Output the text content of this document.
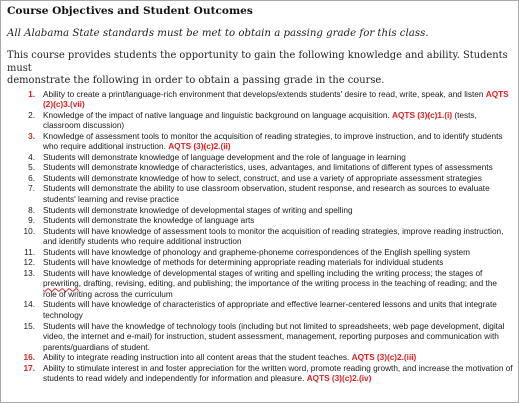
Course Objectives and Student Outcomes
All Alabama State standards must be met to obtain a passing grade for this class.
This course provides students the opportunity to gain the following knowledge and ability. Students must
demonstrate the following in order to obtain a passing grade in the course.
1. Ability to create a print/language-rich environment that develops/extends students' desire to read, write, speak, and listen AQTS (2)(c)3.(vii)
2. Knowledge of the impact of native language and linguistic background on language acquisition. AQTS (3)(c)1.(i) (tests, classroom discussion)
3. Knowledge of assessment tools to monitor the acquisition of reading strategies, to improve instruction, and to identify students who require additional instruction. AQTS (3)(c)2.(ii)
4. Students will demonstrate knowledge of language development and the role of language in learning
5. Students will demonstrate knowledge of characteristics, uses, advantages, and limitations of different types of assessments
6. Students will demonstrate knowledge of how to select, construct, and use a variety of appropriate assessment strategies
7. Students will demonstrate the ability to use classroom observation, student response, and research as sources to evaluate students' learning and revise practice
8. Students will demonstrate knowledge of developmental stages of writing and spelling
9. Students will demonstrate the knowledge of language arts
10. Students will have knowledge of assessment tools to monitor the acquisition of reading strategies, improve reading instruction, and identify students who require additional instruction
11. Students will have knowledge of phonology and grapheme-phoneme correspondences of the English spelling system
12. Students will have knowledge of methods for determining appropriate reading materials for individual students
13. Students will have knowledge of developmental stages of writing and spelling including the writing process; the stages of prewriting, drafting, revising, editing, and publishing; the importance of the writing process in the teaching of reading; and the role of writing across the curriculum
14. Students will have knowledge of characteristics of appropriate and effective learner-centered lessons and units that integrate technology
15. Students will have the knowledge of technology tools (including but not limited to spreadsheets, web page development, digital video, the internet and e-mail) for instruction, student assessment, management, reporting purposes and communication with parents/guardians of student.
16. Ability to integrate reading instruction into all content areas that the student teaches. AQTS (3)(c)2.(iii)
17. Ability to stimulate interest in and foster appreciation for the written word, promote reading growth, and increase the motivation of students to read widely and independently for information and pleasure. AQTS (3)(c)2.(iv)
